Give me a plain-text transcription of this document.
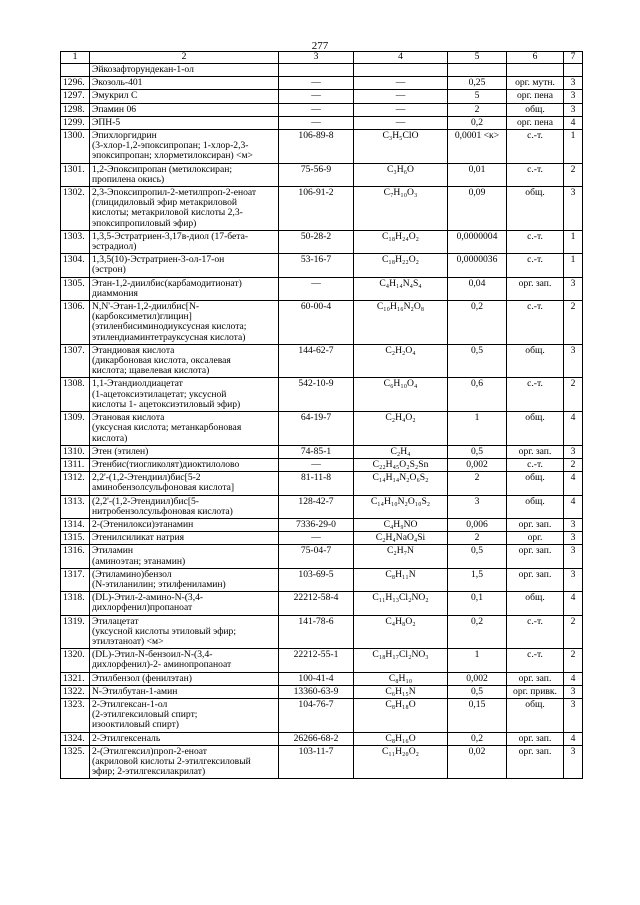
277
1	2	3	4	5	6	7
	Эйкозафторундекан-1-ол					
1296.	Экозоль-401	—	—	0,25	орг. мутн.	3
1297.	Эмукрил С	—	—	5	орг. пена	3
1298.	Эпамин 06	—	—	2	общ.	3
1299.	ЭПН-5	—	—	0,2	орг. пена	4
1300.	Эпихлоргидрин
(3-хлор-1,2-эпоксипропан; 1-хлор-2,3-
эпоксипропан; хлорметилоксиран) <м>	106-89-8	C₃H₅ClO	0,0001 <к>	с.-т.	1
1301.	1,2-Эпоксипропан (метилоксиран;
пропилена окись)	75-56-9	C₃H₆O	0,01	с.-т.	2
1302.	2,3-Эпоксипропил-2-метилпроп-2-еноат
(глицидиловый эфир метакриловой
кислоты; метакриловой кислоты 2,3-
эпоксипропиловый эфир)	106-91-2	C₇H₁₀O₃	0,09	общ.	3
1303.	1,3,5-Эстратриен-3,17в-диол (17-бета-
эстрадиол)	50-28-2	C₁₈H₂₄O₂	0,0000004	с.-т.	1
1304.	1,3,5(10)-Эстратриен-3-ол-17-он
(эстрон)	53-16-7	C₁₈H₂₂O₂	0,0000036	с.-т.	1
1305.	Этан-1,2-диилбис(карбамодитионат)
диаммония	—	C₄H₁₄N₄S₄	0,04	орг. зап.	3
1306.	N,N'-Этан-1,2-диилбис[N-
(карбоксиметил)глицин]
(этиленбисиминодиуксусная кислота;
этилендиаминтетрауксусная кислота)	60-00-4	C₁₀H₁₆N₂O₈	0,2	с.-т.	2
1307.	Этандиовая кислота
(дикарбоновая кислота, оксалевая
кислота; щавелевая кислота)	144-62-7	C₂H₂O₄	0,5	общ.	3
1308.	1,1-Этандиолдиацетат
(1-ацетоксиэтилацетат; уксусной
кислоты 1- ацетоксиэтиловый эфир)	542-10-9	C₆H₁₀O₄	0,6	с.-т.	2
1309.	Этановая кислота
(уксусная кислота; метанкарбоновая
кислота)	64-19-7	C₂H₄O₂	1	общ.	4
1310.	Этен (этилен)	74-85-1	C₂H₄	0,5	орг. зап.	3
1311.	Этенбис(тиогликолят)диоктилолово	—	C₂₂H₄₅O₂S₂Sn	0,002	с.-т.	2
1312.	2,2'-(1,2-Этендиил)бис[5-2
аминобензолсульфоновая кислота]	81-11-8	C₁₄H₁₄N₂O₆S₂	2	общ.	4
1313.	(2,2'-(1,2-Этендиил)бис[5-
нитробензолсульфоновая кислота)	128-42-7	C₁₄H₁₀N₂O₁₀S₂	3	общ.	4
1314.	2-(Этенилокси)этанамин	7336-29-0	C₄H₉NO	0,006	орг. зап.	3
1315.	Этенилсиликат натрия	—	C₂H₄NaO₄Si	2	орг.	3
1316.	Этиламин
(аминоэтан; этанамин)	75-04-7	C₂H₇N	0,5	орг. зап.	3
1317.	(Этиламино)бензол
(N-этиланилин; этилфениламин)	103-69-5	C₈H₁₁N	1,5	орг. зап.	3
1318.	(DL)-Этил-2-амино-N-(3,4-
дихлорфенил)пропаноат	22212-58-4	C₁₁H₁₃Cl₂NO₂	0,1	общ.	4
1319.	Этилацетат
(уксусной кислоты этиловый эфир;
этилэтаноат) <м>	141-78-6	C₄H₈O₂	0,2	с.-т.	2
1320.	(DL)-Этил-N-бензоил-N-(3,4-
дихлорфенил)-2- аминопропаноат	22212-55-1	C₁₈H₁₇Cl₂NO₃	1	с.-т.	2
1321.	Этилбензол (фенилэтан)	100-41-4	C₈H₁₀	0,002	орг. зап.	4
1322.	N-Этилбутан-1-амин	13360-63-9	C₆H₁₅N	0,5	орг. привк.	3
1323.	2-Этилгексан-1-ол
(2-этилгексиловый спирт;
изооктиловый спирт)	104-76-7	C₈H₁₈O	0,15	общ.	3
1324.	2-Этилгексеналь	26266-68-2	C₈H₁₆O	0,2	орг. зап.	4
1325.	2-(Этилгексил)проп-2-еноат
(акриловой кислоты 2-этилгексиловый
эфир; 2-этилгексилакрилат)	103-11-7	C₁₁H₂₀O₂	0,02	орг. зап.	3
